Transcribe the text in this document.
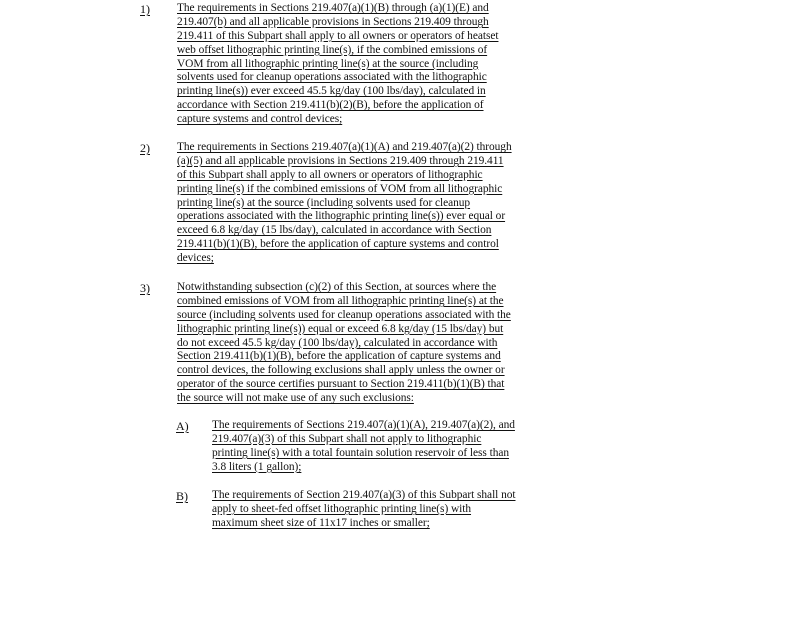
1) The requirements in Sections 219.407(a)(1)(B) through (a)(1)(E) and
219.407(b) and all applicable provisions in Sections 219.409 through
219.411 of this Subpart shall apply to all owners or operators of heatset
web offset lithographic printing line(s), if the combined emissions of
VOM from all lithographic printing line(s) at the source (including
solvents used for cleanup operations associated with the lithographic
printing line(s)) ever exceed 45.5 kg/day (100 lbs/day), calculated in
accordance with Section 219.411(b)(2)(B), before the application of
capture systems and control devices;
2) The requirements in Sections 219.407(a)(1)(A) and 219.407(a)(2) through
(a)(5) and all applicable provisions in Sections 219.409 through 219.411
of this Subpart shall apply to all owners or operators of lithographic
printing line(s) if the combined emissions of VOM from all lithographic
printing line(s) at the source (including solvents used for cleanup
operations associated with the lithographic printing line(s)) ever equal or
exceed 6.8 kg/day (15 lbs/day), calculated in accordance with Section
219.411(b)(1)(B), before the application of capture systems and control
devices;
3) Notwithstanding subsection (c)(2) of this Section, at sources where the
combined emissions of VOM from all lithographic printing line(s) at the
source (including solvents used for cleanup operations associated with the
lithographic printing line(s)) equal or exceed 6.8 kg/day (15 lbs/day) but
do not exceed 45.5 kg/day (100 lbs/day), calculated in accordance with
Section 219.411(b)(1)(B), before the application of capture systems and
control devices, the following exclusions shall apply unless the owner or
operator of the source certifies pursuant to Section 219.411(b)(1)(B) that
the source will not make use of any such exclusions:
A) The requirements of Sections 219.407(a)(1)(A), 219.407(a)(2), and
219.407(a)(3) of this Subpart shall not apply to lithographic
printing line(s) with a total fountain solution reservoir of less than
3.8 liters (1 gallon);
B) The requirements of Section 219.407(a)(3) of this Subpart shall not
apply to sheet-fed offset lithographic printing line(s) with
maximum sheet size of 11x17 inches or smaller;
